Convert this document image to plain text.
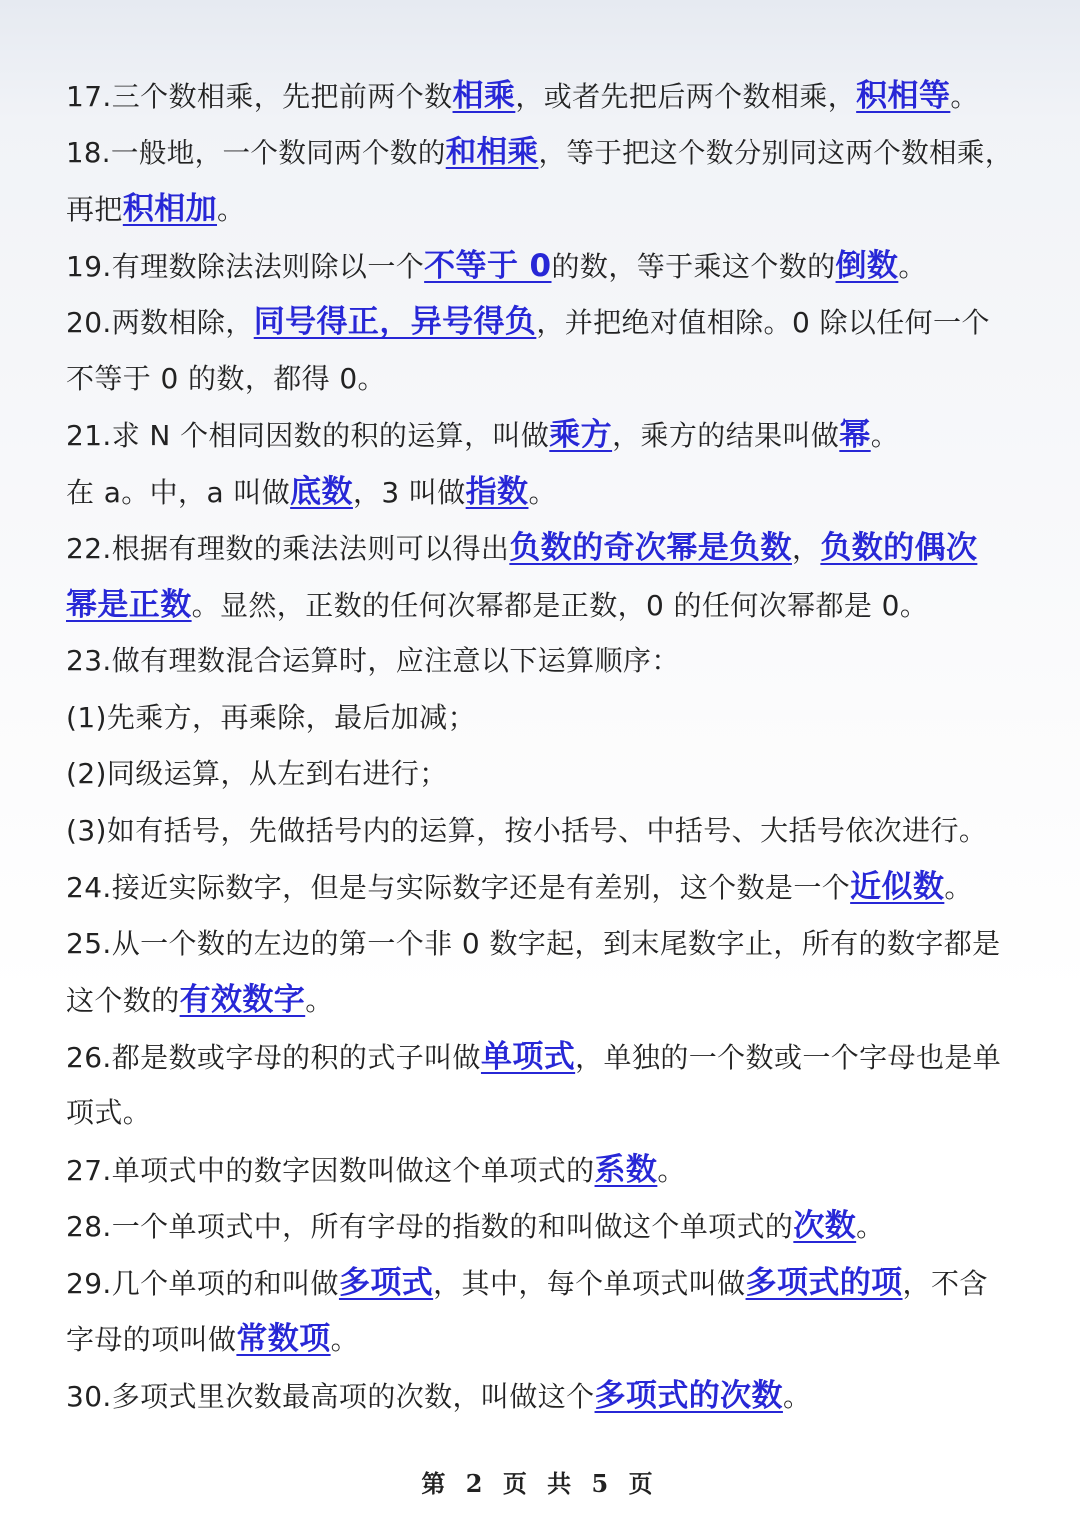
17.三个数相乘，先把前两个数相乘，或者先把后两个数相乘，积相等。
18.一般地，一个数同两个数的和相乘，等于把这个数分别同这两个数相乘，
再把积相加。
19.有理数除法法则除以一个不等于 0的数，等于乘这个数的倒数。
20.两数相除，同号得正，异号得负，并把绝对值相除。0 除以任何一个
不等于 0 的数，都得 0。
21.求 N 个相同因数的积的运算，叫做乘方，乘方的结果叫做幂。
在 a。中，a 叫做底数，3 叫做指数。
22.根据有理数的乘法法则可以得出负数的奇次幂是负数，负数的偶次
幂是正数。显然，正数的任何次幂都是正数，0 的任何次幂都是 0。
23.做有理数混合运算时，应注意以下运算顺序：
(1)先乘方，再乘除，最后加减；
(2)同级运算，从左到右进行；
(3)如有括号，先做括号内的运算，按小括号、中括号、大括号依次进行。
24.接近实际数字，但是与实际数字还是有差别，这个数是一个近似数。
25.从一个数的左边的第一个非 0 数字起，到末尾数字止，所有的数字都是
这个数的有效数字。
26.都是数或字母的积的式子叫做单项式，单独的一个数或一个字母也是单
项式。
27.单项式中的数字因数叫做这个单项式的系数。
28.一个单项式中，所有字母的指数的和叫做这个单项式的次数。
29.几个单项的和叫做多项式，其中，每个单项式叫做多项式的项，不含
字母的项叫做常数项。
30.多项式里次数最高项的次数，叫做这个多项式的次数。
第 2 页 共 5 页
